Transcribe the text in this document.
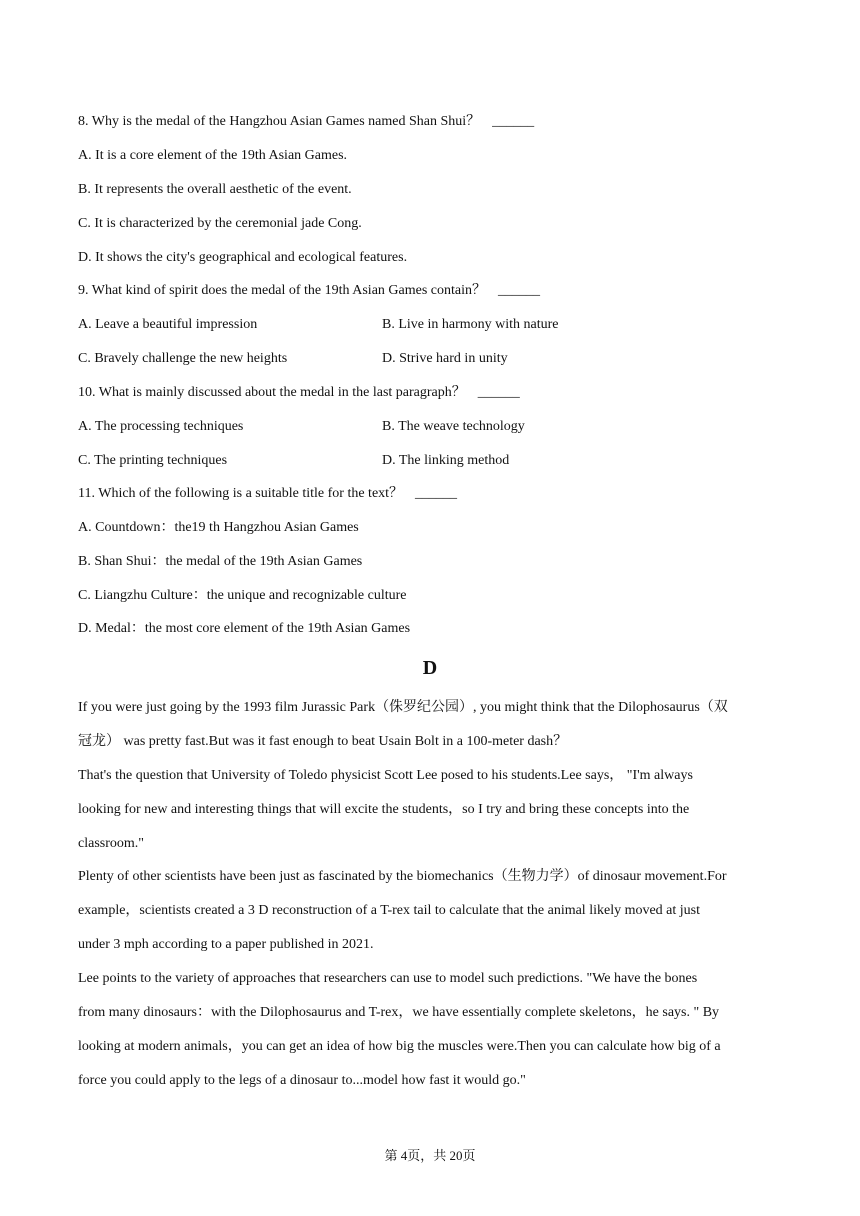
8. Why is the medal of the Hangzhou Asian Games named Shan Shui？ ______
A. It is a core element of the 19th Asian Games.
B. It represents the overall aesthetic of the event.
C. It is characterized by the ceremonial jade Cong.
D. It shows the city's geographical and ecological features.
9. What kind of spirit does the medal of the 19th Asian Games contain？ ______
A. Leave a beautiful impression	B. Live in harmony with nature
C. Bravely challenge the new heights	D. Strive hard in unity
10. What is mainly discussed about the medal in the last paragraph？ ______
A. The processing techniques	B. The weave technology
C. The printing techniques	D. The linking method
11. Which of the following is a suitable title for the text？ ______
A. Countdown：the19 th Hangzhou Asian Games
B. Shan Shui：the medal of the 19th Asian Games
C. Liangzhu Culture：the unique and recognizable culture
D. Medal：the most core element of the 19th Asian Games
D
If you were just going by the 1993 film Jurassic Park（侏罗纪公园）, you might think that the Dilophosaurus（双
冠龙） was pretty fast.But was it fast enough to beat Usain Bolt in a 100-meter dash？
That's the question that University of Toledo physicist Scott Lee posed to his students.Lee says， "I'm always
looking for new and interesting things that will excite the students，so I try and bring these concepts into the
classroom."
Plenty of other scientists have been just as fascinated by the biomechanics（生物力学）of dinosaur movement.For
example，scientists created a 3 D reconstruction of a T-rex tail to calculate that the animal likely moved at just
under 3 mph according to a paper published in 2021.
Lee points to the variety of approaches that researchers can use to model such predictions. "We have the bones
from many dinosaurs：with the Dilophosaurus and T-rex，we have essentially complete skeletons，he says. " By
looking at modern animals，you can get an idea of how big the muscles were.Then you can calculate how big of a
force you could apply to the legs of a dinosaur to...model how fast it would go."
第 4页，共 20页
